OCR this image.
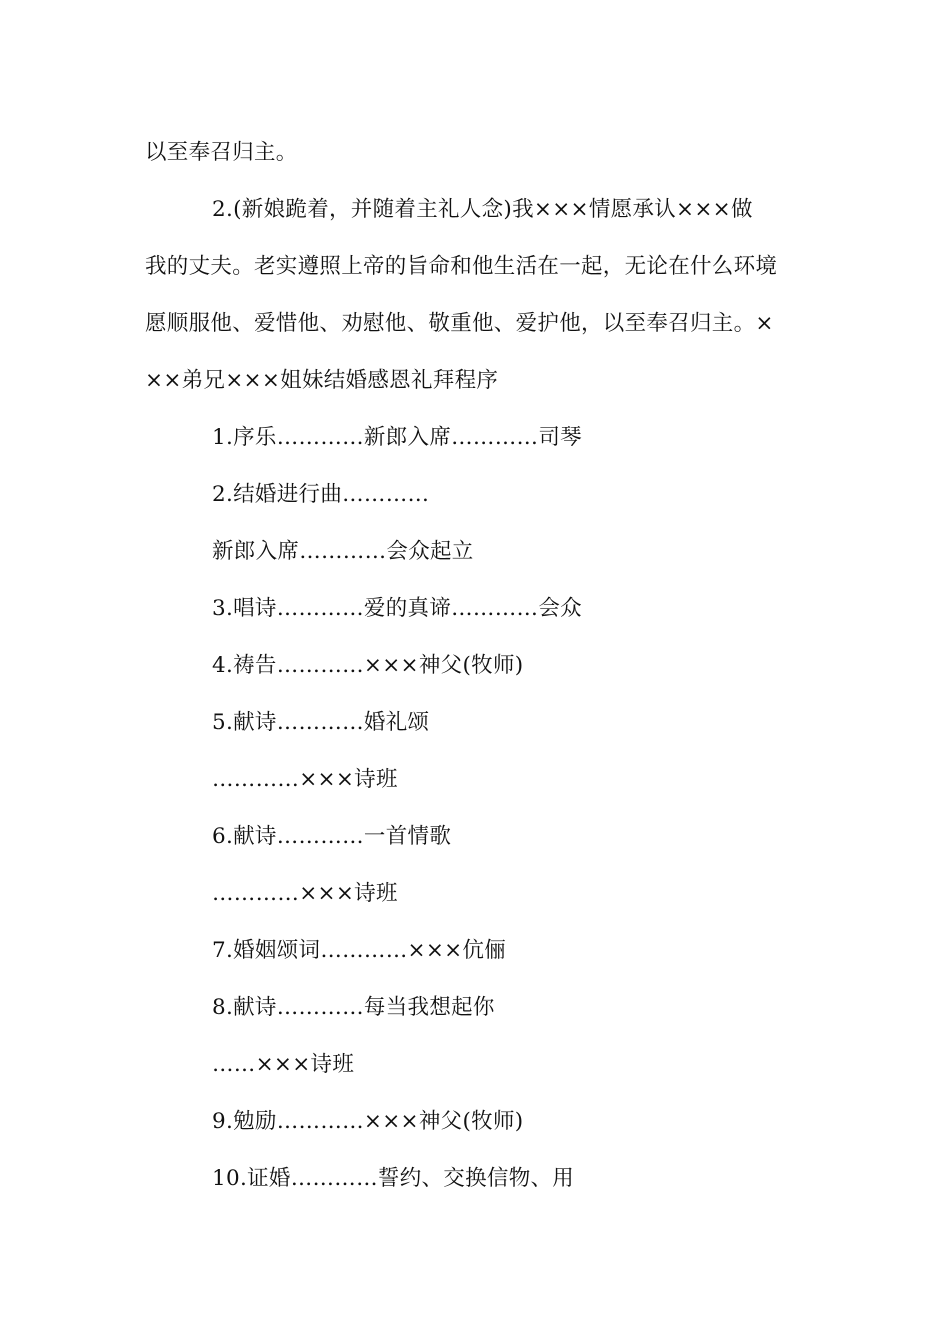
以至奉召归主。
2.(新娘跪着，并随着主礼人念)我×××情愿承认×××做
我的丈夫。老实遵照上帝的旨命和他生活在一起，无论在什么环境
愿顺服他、爱惜他、劝慰他、敬重他、爱护他，以至奉召归主。×
××弟兄×××姐妹结婚感恩礼拜程序
1.序乐…………新郎入席…………司琴
2.结婚进行曲…………
新郎入席…………会众起立
3.唱诗…………爱的真谛…………会众
4.祷告…………×××神父(牧师)
5.献诗…………婚礼颂
…………×××诗班
6.献诗…………一首情歌
…………×××诗班
7.婚姻颂词…………×××伉俪
8.献诗…………每当我想起你
……×××诗班
9.勉励…………×××神父(牧师)
10.证婚…………誓约、交换信物、用
